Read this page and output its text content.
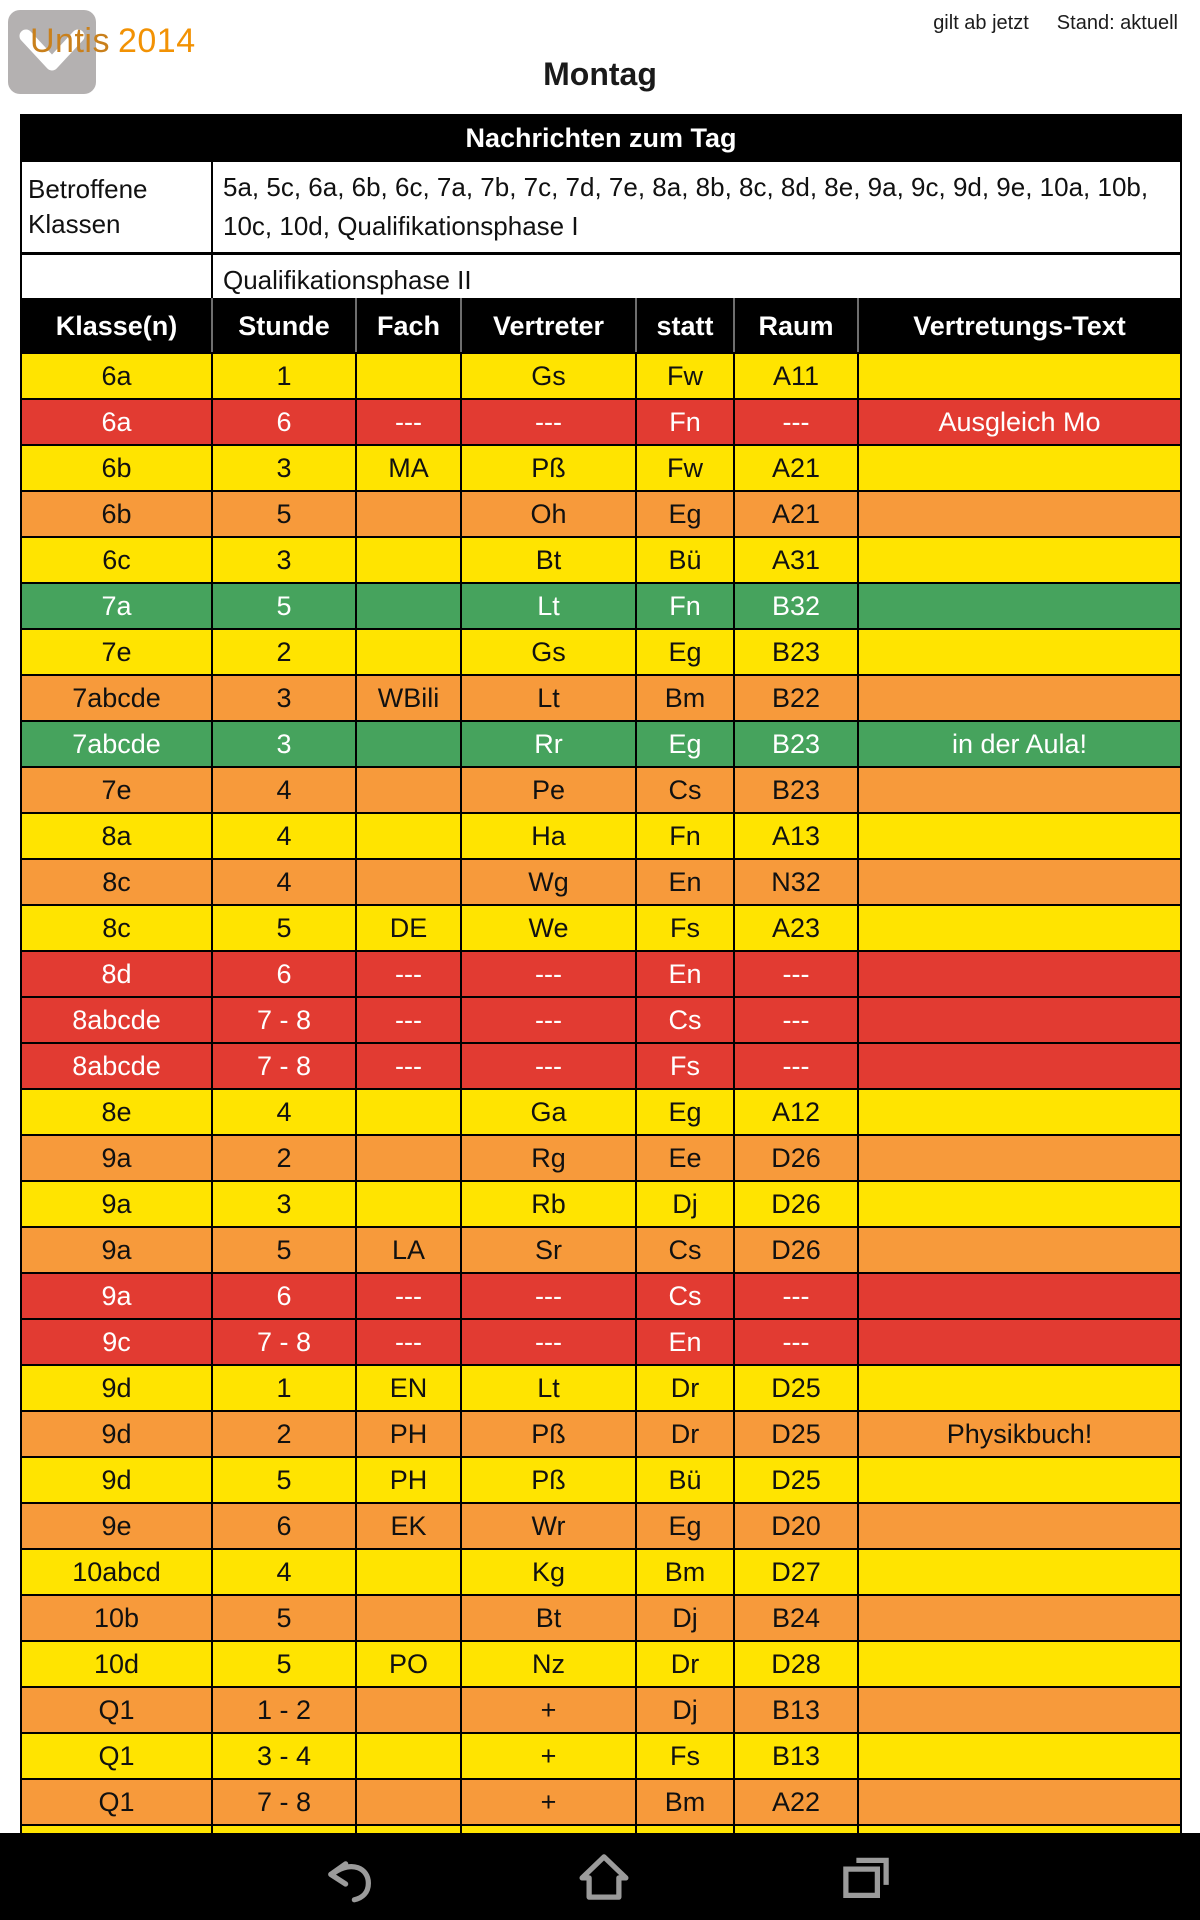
Untis 2014	gilt ab jetzt Stand: aktuell
Montag
Nachrichten zum Tag	
Betroffene Klassen	5a, 5c, 6a, 6b, 6c, 7a, 7b, 7c, 7d, 7e, 8a, 8b, 8c, 8d, 8e, 9a, 9c, 9d, 9e, 10a, 10b, 10c, 10d, Qualifikationsphase I
	Qualifikationsphase II
Klasse(n)	Stunde	Fach	Vertreter	statt	Raum	Vertretungs-Text
6a	1		Gs	Fw	A11	
6a	6	---	---	Fn	---	Ausgleich Mo
6b	3	MA	Pß	Fw	A21	
6b	5		Oh	Eg	A21	
6c	3		Bt	Bü	A31	
7a	5		Lt	Fn	B32	
7e	2		Gs	Eg	B23	
7abcde	3	WBili	Lt	Bm	B22	
7abcde	3		Rr	Eg	B23	in der Aula!
7e	4		Pe	Cs	B23	
8a	4		Ha	Fn	A13	
8c	4		Wg	En	N32	
8c	5	DE	We	Fs	A23	
8d	6	---	---	En	---	
8abcde	7 - 8	---	---	Cs	---	
8abcde	7 - 8	---	---	Fs	---	
8e	4		Ga	Eg	A12	
9a	2		Rg	Ee	D26	
9a	3		Rb	Dj	D26	
9a	5	LA	Sr	Cs	D26	
9a	6	---	---	Cs	---	
9c	7 - 8	---	---	En	---	
9d	1	EN	Lt	Dr	D25	
9d	2	PH	Pß	Dr	D25	Physikbuch!
9d	5	PH	Pß	Bü	D25	
9e	6	EK	Wr	Eg	D20	
10abcd	4		Kg	Bm	D27	
10b	5		Bt	Dj	B24	
10d	5	PO	Nz	Dr	D28	
Q1	1 - 2		+	Dj	B13	
Q1	3 - 4		+	Fs	B13	
Q1	7 - 8		+	Bm	A22	
